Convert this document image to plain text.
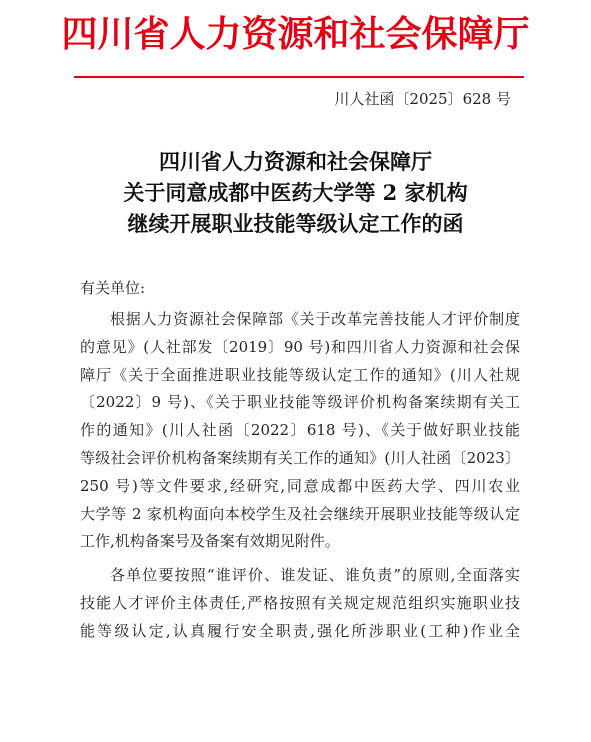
四川省人力资源和社会保障厅
川人社函〔2025〕628 号
四川省人力资源和社会保障厅
关于同意成都中医药大学等 2 家机构
继续开展职业技能等级认定工作的函
有关单位:
根据人力资源社会保障部《关于改革完善技能人才评价制度
的意见》(人社部发〔2019〕90 号)和四川省人力资源和社会保
障厅《关于全面推进职业技能等级认定工作的通知》(川人社规
〔2022〕9 号)、《关于职业技能等级评价机构备案续期有关工
作的通知》(川人社函〔2022〕618 号)、《关于做好职业技能
等级社会评价机构备案续期有关工作的通知》(川人社函〔2023〕
250 号)等文件要求,经研究,同意成都中医药大学、四川农业
大学等 2 家机构面向本校学生及社会继续开展职业技能等级认定
工作,机构备案号及备案有效期见附件。
各单位要按照“谁评价、谁发证、谁负责”的原则,全面落实
技能人才评价主体责任,严格按照有关规定规范组织实施职业技
能等级认定,认真履行安全职责,强化所涉职业(工种)作业全
